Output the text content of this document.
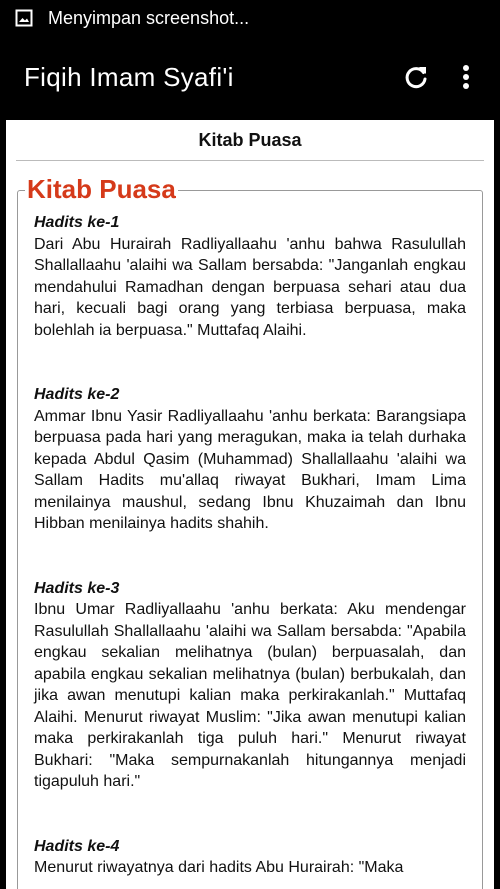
Menyimpan screenshot...
Fiqih Imam Syafi'i
Kitab Puasa
Kitab Puasa
Hadits ke-1
Dari Abu Hurairah Radliyallaahu 'anhu bahwa Rasulullah Shallallaahu 'alaihi wa Sallam bersabda: "Janganlah engkau mendahului Ramadhan dengan berpuasa sehari atau dua hari, kecuali bagi orang yang terbiasa berpuasa, maka bolehlah ia berpuasa." Muttafaq Alaihi.
Hadits ke-2
Ammar Ibnu Yasir Radliyallaahu 'anhu berkata: Barangsiapa berpuasa pada hari yang meragukan, maka ia telah durhaka kepada Abdul Qasim (Muhammad) Shallallaahu 'alaihi wa Sallam Hadits mu'allaq riwayat Bukhari, Imam Lima menilainya maushul, sedang Ibnu Khuzaimah dan Ibnu Hibban menilainya hadits shahih.
Hadits ke-3
Ibnu Umar Radliyallaahu 'anhu berkata: Aku mendengar Rasulullah Shallallaahu 'alaihi wa Sallam bersabda: "Apabila engkau sekalian melihatnya (bulan) berpuasalah, dan apabila engkau sekalian melihatnya (bulan) berbukalah, dan jika awan menutupi kalian maka perkirakanlah." Muttafaq Alaihi. Menurut riwayat Muslim: "Jika awan menutupi kalian maka perkirakanlah tiga puluh hari." Menurut riwayat Bukhari: "Maka sempurnakanlah hitungannya menjadi tigapuluh hari."
Hadits ke-4
Menurut riwayatnya dari hadits Abu Hurairah: "Maka
